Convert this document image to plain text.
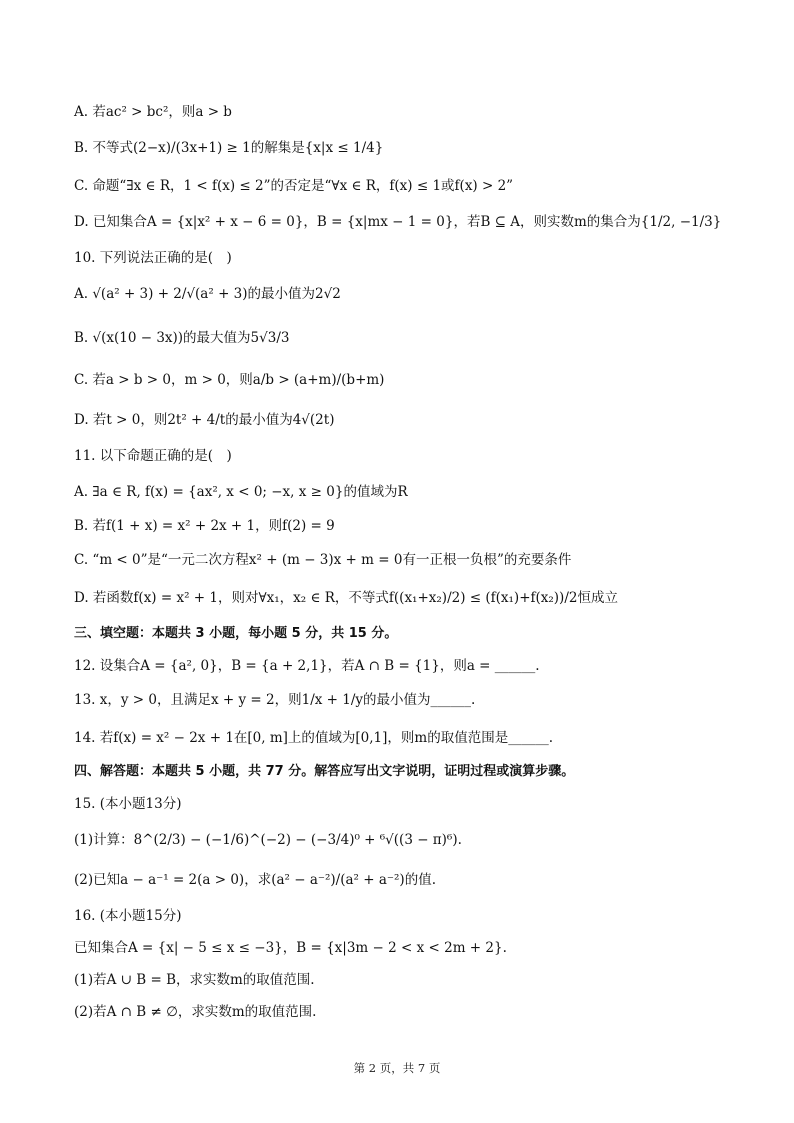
A. 若ac² > bc²，则a > b
B. 不等式(2−x)/(3x+1) ≥ 1的解集是{x|x ≤ 1/4}
C. 命题“∃x ∈ R，1 < f(x) ≤ 2”的否定是“∀x ∈ R，f(x) ≤ 1或f(x) > 2”
D. 已知集合A = {x|x² + x − 6 = 0}，B = {x|mx − 1 = 0}，若B ⊆ A，则实数m的集合为{1/2, −1/3}
10. 下列说法正确的是(　)
A. √(a² + 3) + 2/√(a² + 3)的最小值为2√2
B. √(x(10 − 3x))的最大值为5√3/3
C. 若a > b > 0，m > 0，则a/b > (a+m)/(b+m)
D. 若t > 0，则2t² + 4/t的最小值为4√(2t)
11. 以下命题正确的是(　)
A. ∃a ∈ R, f(x) = {ax², x < 0; −x, x ≥ 0}的值域为R
B. 若f(1 + x) = x² + 2x + 1，则f(2) = 9
C. “m < 0”是“一元二次方程x² + (m − 3)x + m = 0有一正根一负根”的充要条件
D. 若函数f(x) = x² + 1，则对∀x₁，x₂ ∈ R，不等式f((x₁+x₂)/2) ≤ (f(x₁)+f(x₂))/2恒成立
三、填空题：本题共 3 小题，每小题 5 分，共 15 分。
12. 设集合A = {a², 0}，B = {a + 2,1}，若A ∩ B = {1}，则a = ______.
13. x，y > 0，且满足x + y = 2，则1/x + 1/y的最小值为______.
14. 若f(x) = x² − 2x + 1在[0, m]上的值域为[0,1]，则m的取值范围是______.
四、解答题：本题共 5 小题，共 77 分。解答应写出文字说明，证明过程或演算步骤。
15. (本小题13分)
(1)计算：8^(2/3) − (−1/6)^(−2) − (−3/4)⁰ + ⁶√((3 − π)⁶).
(2)已知a − a⁻¹ = 2(a > 0)，求(a² − a⁻²)/(a² + a⁻²)的值.
16. (本小题15分)
已知集合A = {x| − 5 ≤ x ≤ −3}，B = {x|3m − 2 < x < 2m + 2}.
(1)若A ∪ B = B，求实数m的取值范围.
(2)若A ∩ B ≠ ∅，求实数m的取值范围.
第 2 页，共 7 页
